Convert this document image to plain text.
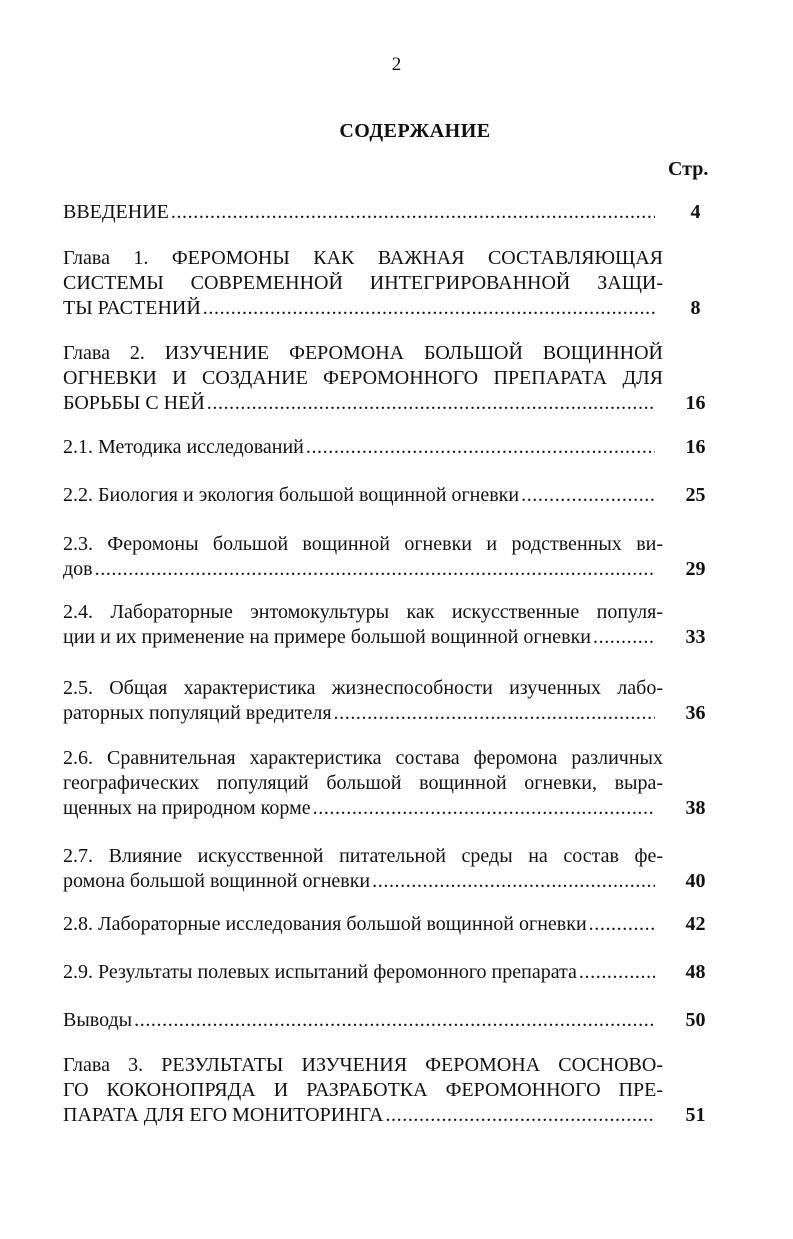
2
СОДЕРЖАНИЕ
Стр.
ВВЕДЕНИЕ .....	4
Глава 1. ФЕРОМОНЫ КАК ВАЖНАЯ СОСТАВЛЯЮЩАЯ
СИСТЕМЫ СОВРЕМЕННОЙ ИНТЕГРИРОВАННОЙ ЗАЩИ-
ТЫ РАСТЕНИЙ .....	8
Глава 2. ИЗУЧЕНИЕ ФЕРОМОНА БОЛЬШОЙ ВОЩИННОЙ
ОГНЕВКИ И СОЗДАНИЕ ФЕРОМОННОГО ПРЕПАРАТА ДЛЯ
БОРЬБЫ С НЕЙ .....	16
2.1. Методика исследований .....	16
2.2. Биология и экология большой вощинной огневки .....	25
2.3. Феромоны большой вощинной огневки и родственных ви-
дов .....	29
2.4. Лабораторные энтомокультуры как искусственные популя-
ции и их применение на примере большой вощинной огневки .....	33
2.5. Общая характеристика жизнеспособности изученных лабо-
раторных популяций вредителя .....	36
2.6. Сравнительная характеристика состава феромона различных
географических популяций большой вощинной огневки, выра-
щенных на природном корме .....	38
2.7. Влияние искусственной питательной среды на состав фе-
ромона большой вощинной огневки .....	40
2.8. Лабораторные исследования большой вощинной огневки .....	42
2.9. Результаты полевых испытаний феромонного препарата .....	48
Выводы .....	50
Глава 3. РЕЗУЛЬТАТЫ ИЗУЧЕНИЯ ФЕРОМОНА СОСНОВО-
ГО КОКОНОПРЯДА И РАЗРАБОТКА ФЕРОМОННОГО ПРЕ-
ПАРАТА ДЛЯ ЕГО МОНИТОРИНГА .....	51
